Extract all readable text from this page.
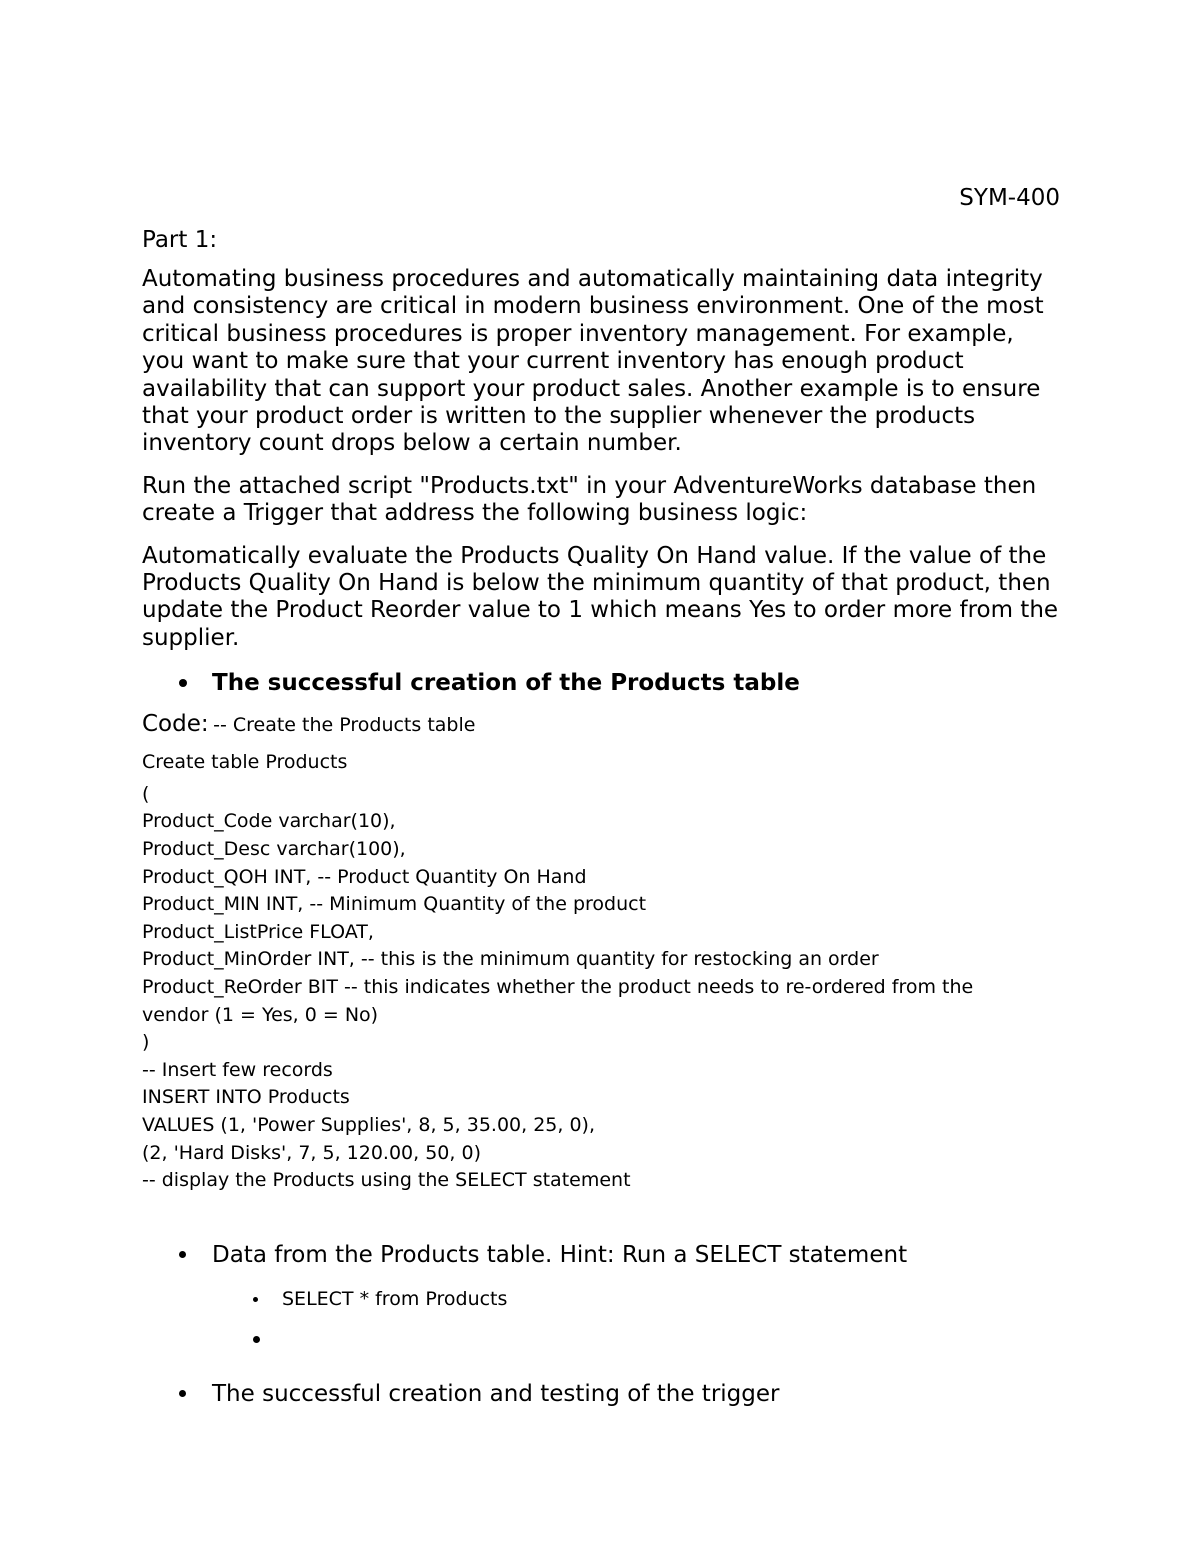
SYM-400
Part 1:

Automating business procedures and automatically maintaining data integrity and consistency are critical in modern business environment. One of the most critical business procedures is proper inventory management. For example, you want to make sure that your current inventory has enough product availability that can support your product sales. Another example is to ensure that your product order is written to the supplier whenever the products inventory count drops below a certain number.

Run the attached script "Products.txt" in your AdventureWorks database then create a Trigger that address the following business logic:

Automatically evaluate the Products Quality On Hand value. If the value of the Products Quality On Hand is below the minimum quantity of that product, then update the Product Reorder value to 1 which means Yes to order more from the supplier.

The successful creation of the Products table
Code: -- Create the Products table
Create table Products
(
Product_Code varchar(10),
Product_Desc varchar(100),
Product_QOH INT, -- Product Quantity On Hand
Product_MIN INT, -- Minimum Quantity of the product
Product_ListPrice FLOAT,
Product_MinOrder INT, -- this is the minimum quantity for restocking an order
Product_ReOrder BIT -- this indicates whether the product needs to re-ordered from the
vendor (1 = Yes, 0 = No)
)
-- Insert few records
INSERT INTO Products
VALUES (1, 'Power Supplies', 8, 5, 35.00, 25, 0),
(2, 'Hard Disks', 7, 5, 120.00, 50, 0)
-- display the Products using the SELECT statement
Data from the Products table. Hint: Run a SELECT statement
SELECT * from Products
The successful creation and testing of the trigger
